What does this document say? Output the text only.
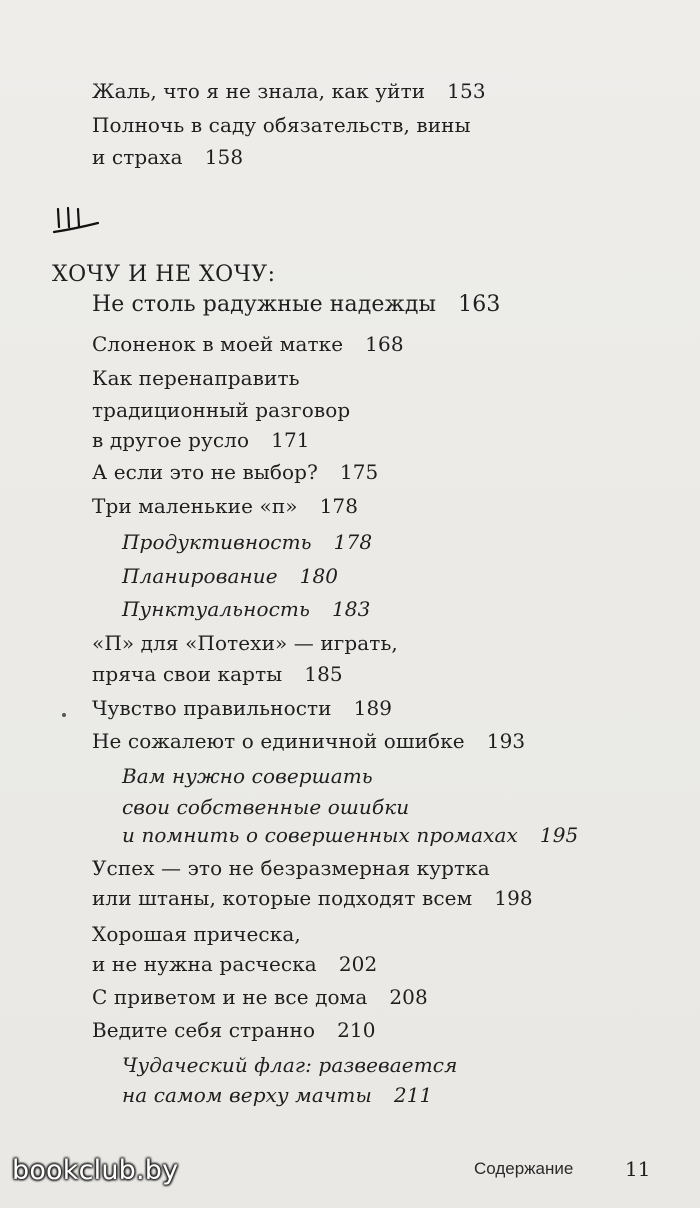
Жаль, что я не знала, как уйти 153
Полночь в саду обязательств, вины
и страха 158
ХОЧУ И НЕ ХОЧУ:
Не столь радужные надежды 163
Слоненок в моей матке 168
Как перенаправить
традиционный разговор
в другое русло 171
А если это не выбор? 175
Три маленькие «п» 178
Продуктивность 178
Планирование 180
Пунктуальность 183
«П» для «Потехи» — играть,
пряча свои карты 185
Чувство правильности 189
Не сожалеют о единичной ошибке 193
Вам нужно совершать
свои собственные ошибки
и помнить о совершенных промахах 195
Успех — это не безразмерная куртка
или штаны, которые подходят всем 198
Хорошая прическа,
и не нужна расческа 202
С приветом и не все дома 208
Ведите себя странно 210
Чудаческий флаг: развевается
на самом верху мачты 211
Содержание	11
bookclub.by
